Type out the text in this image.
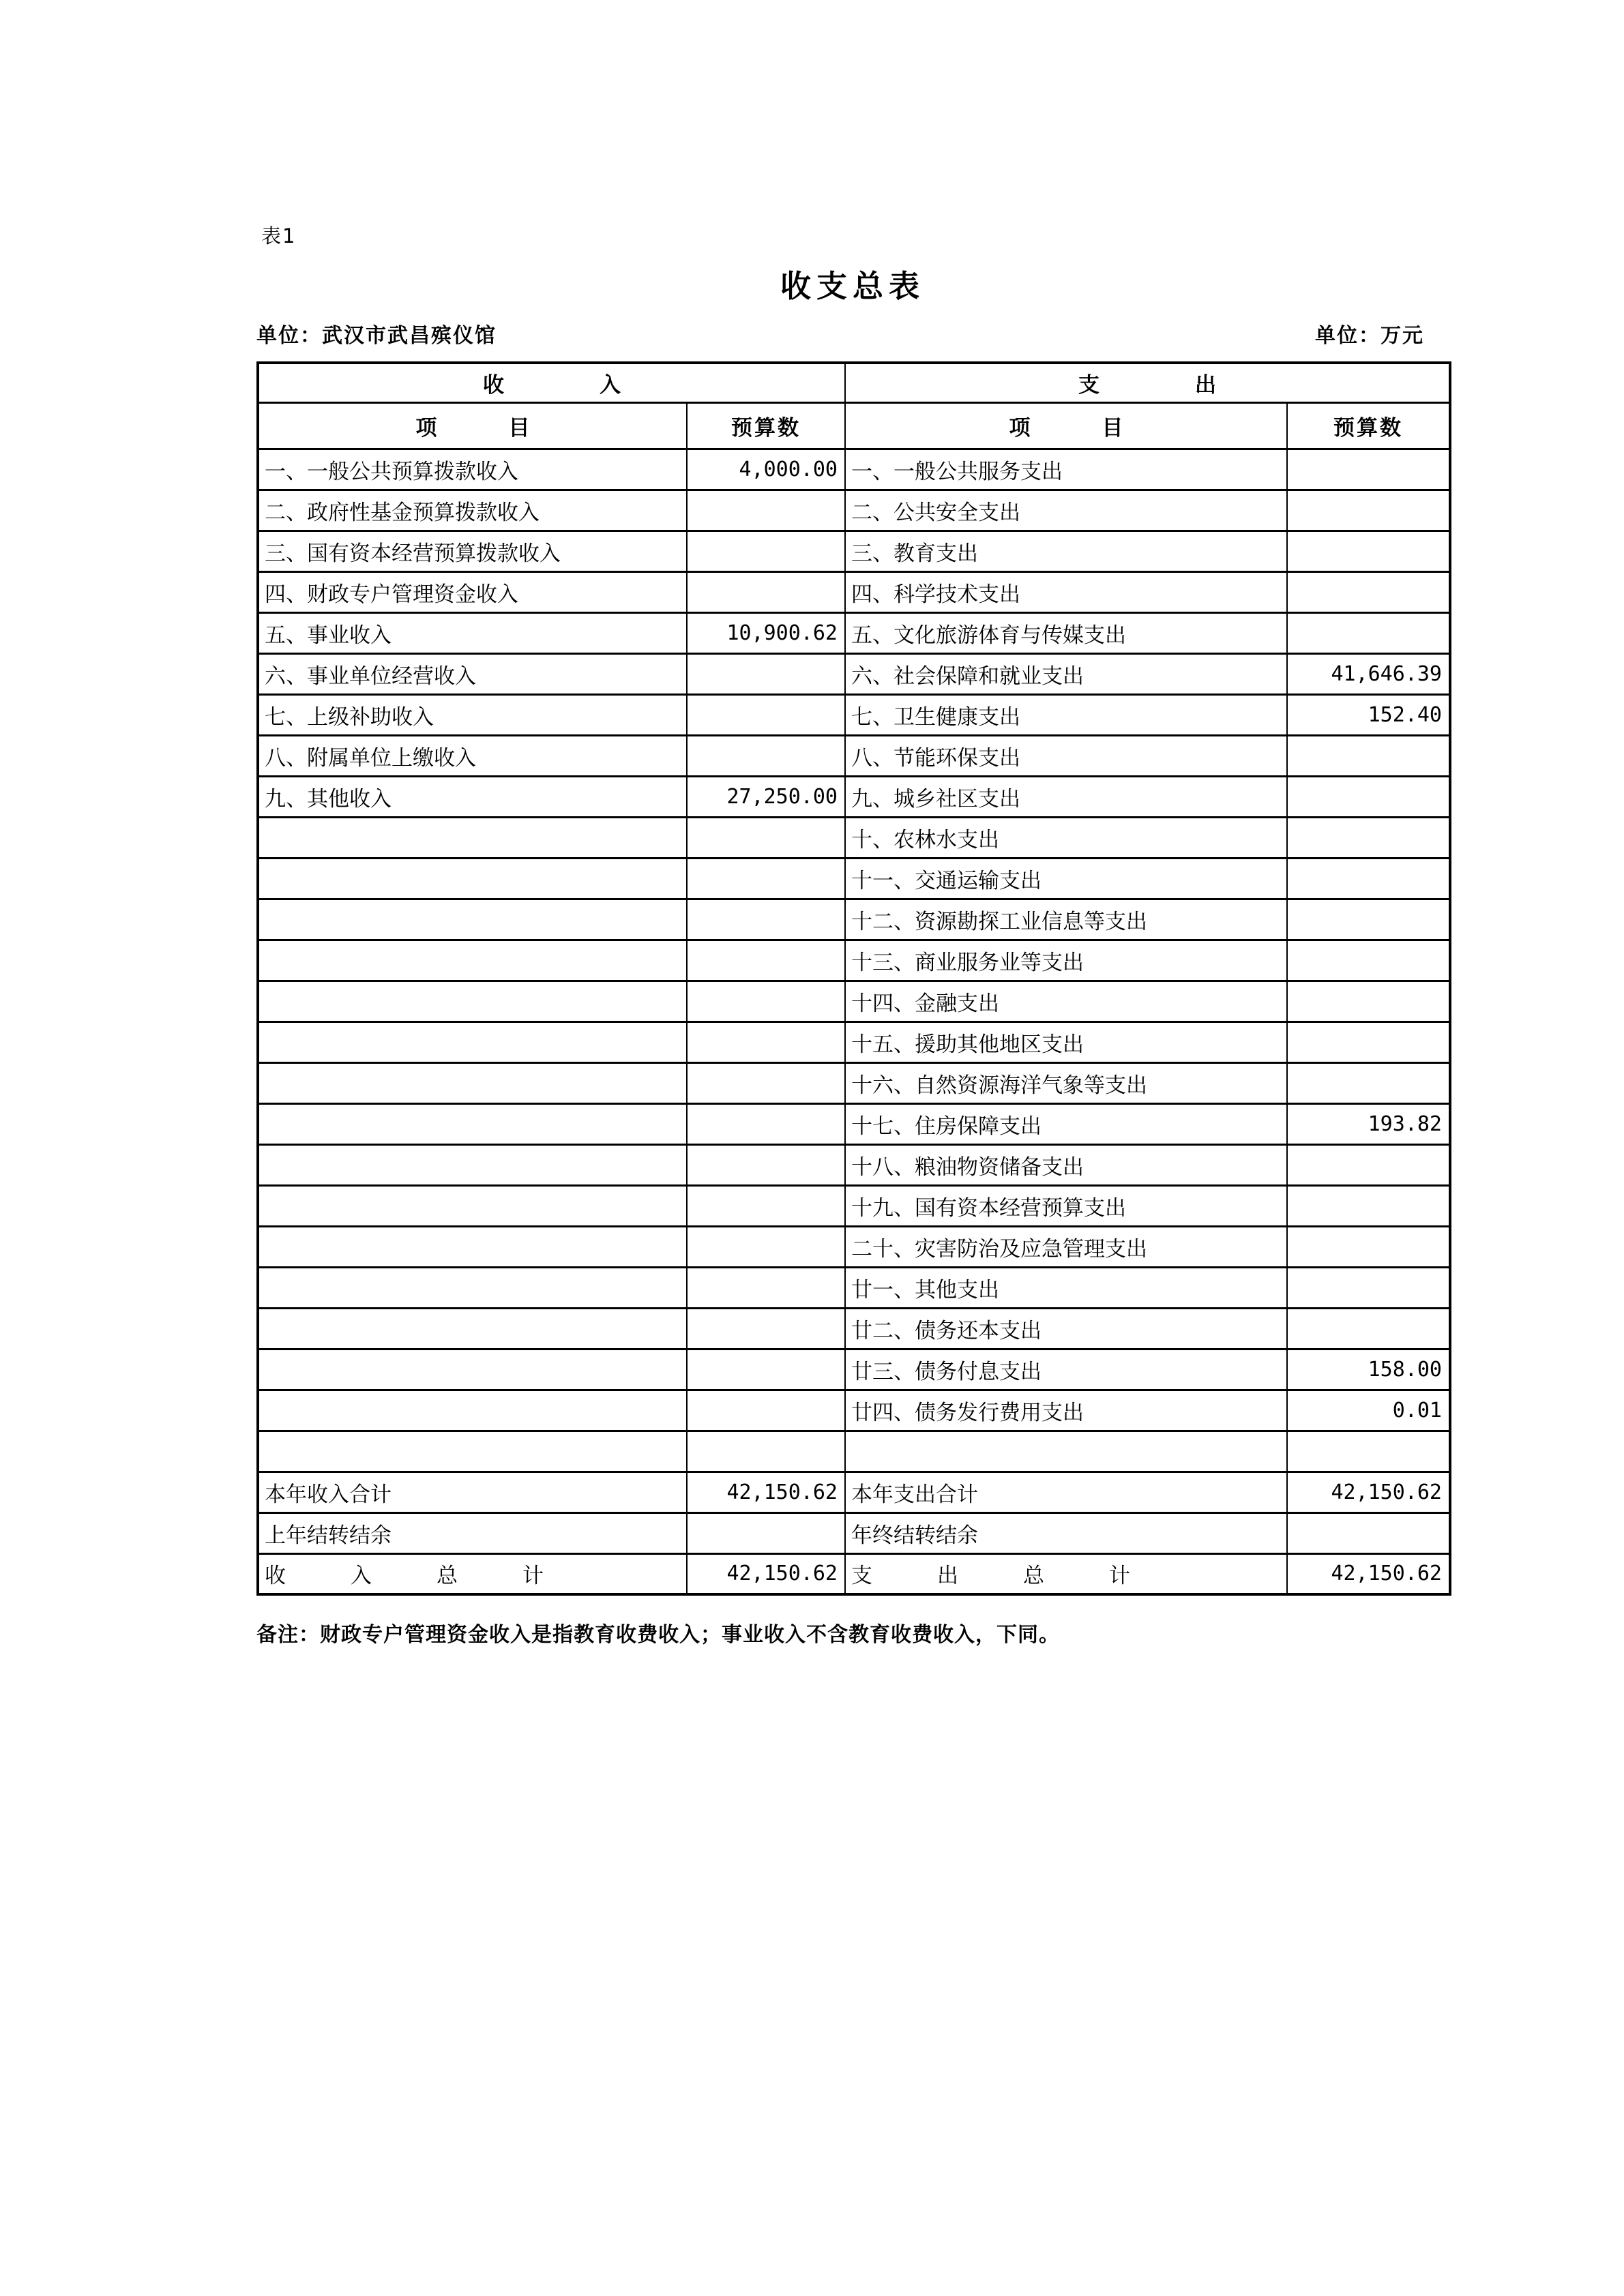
表1
收支总表
单位：武汉市武昌殡仪馆	单位：万元
收入		支出	
项目	预算数	项目	预算数
一、一般公共预算拨款收入	4,000.00	一、一般公共服务支出	
二、政府性基金预算拨款收入		二、公共安全支出	
三、国有资本经营预算拨款收入		三、教育支出	
四、财政专户管理资金收入		四、科学技术支出	
五、事业收入	10,900.62	五、文化旅游体育与传媒支出	
六、事业单位经营收入		六、社会保障和就业支出	41,646.39
七、上级补助收入		七、卫生健康支出	152.40
八、附属单位上缴收入		八、节能环保支出	
九、其他收入	27,250.00	九、城乡社区支出	
		十、农林水支出	
		十一、交通运输支出	
		十二、资源勘探工业信息等支出	
		十三、商业服务业等支出	
		十四、金融支出	
		十五、援助其他地区支出	
		十六、自然资源海洋气象等支出	
		十七、住房保障支出	193.82
		十八、粮油物资储备支出	
		十九、国有资本经营预算支出	
		二十、灾害防治及应急管理支出	
		廿一、其他支出	
		廿二、债务还本支出	
		廿三、债务付息支出	158.00
		廿四、债务发行费用支出	0.01

本年收入合计	42,150.62	本年支出合计	42,150.62
上年结转结余		年终结转结余	
收入总计	42,150.62	支出总计	42,150.62
备注：财政专户管理资金收入是指教育收费收入；事业收入不含教育收费收入，下同。
